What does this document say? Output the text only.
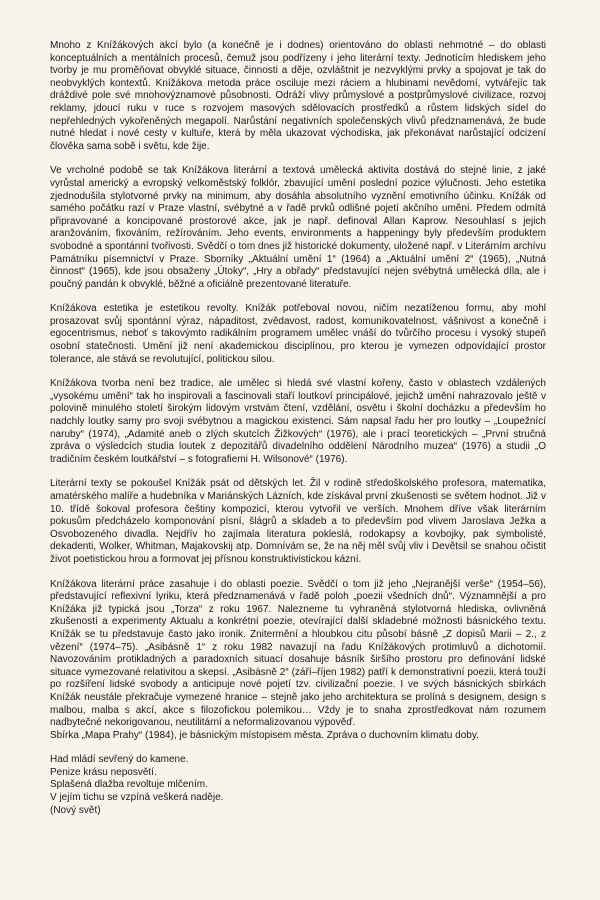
Mnoho z Knížákových akcí bylo (a konečně je i dodnes) orientováno do oblasti nehmotné – do oblasti konceptuálních a mentálních procesů, čemuž jsou podřízeny i jeho literární texty. Jednotícím hlediskem jeho tvorby je mu proměňovat obvyklé situace, činnosti a děje, ozvláštnit je nezvyklými prvky a spojovat je tak do neobvyklých kontextů. Knížákova metoda práce osciluje mezi ráciem a hlubinami nevědomí, vytvářejíc tak dráždivé pole své mnohovýznamové působnosti. Odráží vlivy průmyslové a postprůmyslové civilizace, rozvoj reklamy, jdoucí ruku v ruce s rozvojem masových sdělovacích prostředků a růstem lidských sídel do nepřehledných vykořeněných megapolí. Narůstání negativních společenských vlivů předznamenává, že bude nutné hledat i nové cesty v kultuře, která by měla ukazovat východiska, jak překonávat narůstající odcizení člověka sama sobě i světu, kde žije.

Ve vrcholné podobě se tak Knížákova literární a textová umělecká aktivita dostává do stejné linie, z jaké vyrůstal americký a evropský velkoměstský folklór, zbavující umění poslední pozice výlučnosti. Jeho estetika zjednodušila stylotvorné prvky na minimum, aby dosáhla absolutního vyznění emotivního účinku. Knížák od samého počátku razí v Praze vlastní, svébytné a v řadě prvků odlišné pojetí akčního umění. Předem odmítá připravované a koncipované prostorové akce, jak je např. definoval Allan Kaprow. Nesouhlasí s jejich aranžováním, fixováním, režírováním. Jeho events, environments a happeningy byly především produktem svobodné a spontánní tvořivosti. Svědčí o tom dnes již historické dokumenty, uložené např. v Literárním archívu Památníku písemnictví v Praze. Sborníky „Aktuální umění 1“ (1964) a „Aktuální umění 2“ (1965), „Nutná činnost“ (1965), kde jsou obsaženy „Útoky“, „Hry a obřady“ představující nejen svébytná umělecká díla, ale i poučný pandán k obvyklé, běžné a oficiálně prezentované literatuře.

Knížákova estetika je estetikou revolty. Knížák potřeboval novou, ničím nezatíženou formu, aby mohl prosazovat svůj spontánní výraz, nápaditost, zvědavost, radost, komunikovatelnost, vášnivost a konečně i egocentrismus, neboť s takovýmto radikálním programem umělec vnáší do tvůrčího procesu i vysoký stupeň osobní statečnosti. Umění již není akademickou disciplínou, pro kterou je vymezen odpovídající prostor tolerance, ale stává se revolutující, politickou silou.

Knížákova tvorba není bez tradice, ale umělec si hledá své vlastní kořeny, často v oblastech vzdálených „vysokému umění“ tak ho inspirovali a fascinovali staří loutkoví principálové, jejichž umění nahrazovalo ještě v polovině minulého století širokým lidovým vrstvám čtení, vzdělání, osvětu i školní docházku a především ho nadchly loutky samy pro svoji svébytnou a magickou existenci. Sám napsal řadu her pro loutky – „Loupežnící naruby“ (1974), „Adamité aneb o zlých skutcích Žižkových“ (1976), ale i prací teoretických – „První stručná zpráva o výsledcích studia loutek z depozitářů divadelního oddělení Národního muzea“ (1976) a studii „O tradičním českém loutkářství – s fotografiemi H. Wilsonové“ (1976).

Literární texty se pokoušel Knížák psát od dětských let. Žil v rodině středoškolského profesora, matematika, amatérského malíře a hudebníka v Mariánských Lázních, kde získával první zkušenosti se světem hodnot. Již v 10. třídě šokoval profesora češtiny kompozicí, kterou vytvořil ve verších. Mnohem dříve však literárním pokusům předcházelo komponování písní, šlágrů a skladeb a to především pod vlivem Jaroslava Ježka a Osvobozeného divadla. Nejdřív ho zajímala literatura pokleslá, rodokapsy a kovbojky, pak symbolisté, dekadenti, Wolker, Whitman, Majakovskij atp. Domnívám se, že na něj měl svůj vliv i Devětsil se snahou očistit život poetistickou hrou a formovat jej přísnou konstruktivistickou kázní.

Knížákova literární práce zasahuje i do oblasti poezie. Svědčí o tom již jeho „Nejranější verše“ (1954–56), představující reflexivní lyriku, která předznamenává v řadě poloh „poezii všedních dnů“. Významnější a pro Knížáka již typická jsou „Torza“ z roku 1967. Nalezneme tu vyhraněná stylotvorná hlediska, ovlivněná zkušeností a experimenty Aktualu a konkrétní poezie, otevírající další skladebné možnosti básnického textu. Knížák se tu představuje často jako ironik. Znitermění a hloubkou citu působí básně „Z dopisů Marii – 2., z vězení“ (1974–75). „Asibásně 1“ z roku 1982 navazují na řadu Knížákových protimluvů a dichotomií. Navozováním protikladných a paradoxních situací dosahuje básník širšího prostoru pro definování lidské situace vymezované relativitou a skepsí. „Asibásně 2“ (září–říjen 1982) patří k demonstrativní poezii, která touží po rozšíření lidské svobody a anticipuje nové pojetí tzv. civilizační poezie. I ve svých básnických sbírkách Knížák neustále překračuje vymezené hranice – stejně jako jeho architektura se prolíná s designem, design s malbou, malba s akcí, akce s filozofickou polemikou… Vždy je to snaha zprostředkovat nám rozumem nadbytečné nekorigovanou, neutilitární a neformalizovanou výpověď.

Sbírka „Mapa Prahy“ (1984), je básnickým místopisem města. Zpráva o duchovním klimatu doby.

Had mládí sevřený do kamene.
Penize krásu neposvětí.
Splašená dlažba revoltuje mlčením.
V jejím tichu se vzpíná veškerá naděje.
(Nový svět)
